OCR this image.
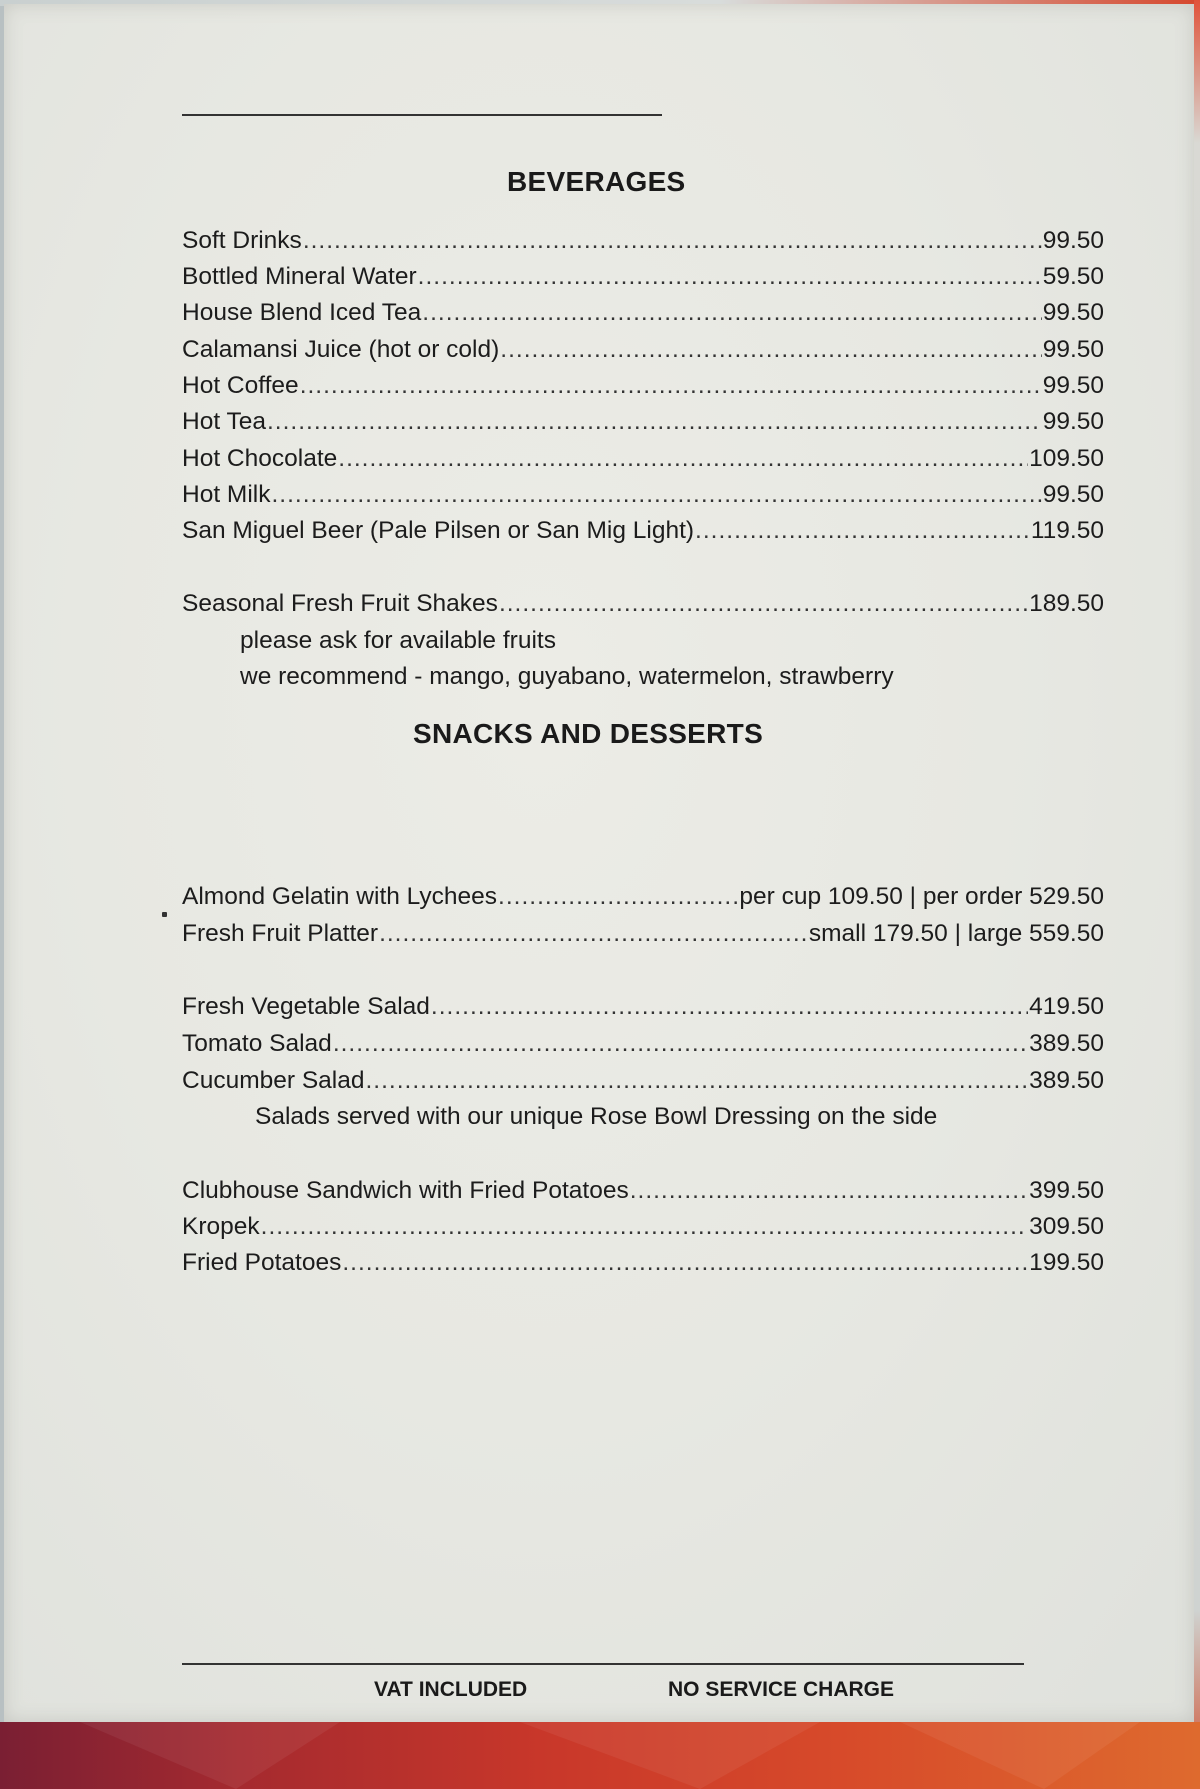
BEVERAGES
Soft Drinks .....	99.50
Bottled Mineral Water .....	59.50
House Blend Iced Tea .....	99.50
Calamansi Juice (hot or cold) .....	99.50
Hot Coffee .....	99.50
Hot Tea .....	99.50
Hot Chocolate .....	109.50
Hot Milk .....	99.50
San Miguel Beer (Pale Pilsen or San Mig Light) .....	119.50
Seasonal Fresh Fruit Shakes .....	189.50
please ask for available fruits
we recommend - mango, guyabano, watermelon, strawberry
SNACKS AND DESSERTS
Almond Gelatin with Lychees .....	per cup 109.50 | per order 529.50
Fresh Fruit Platter .....	small 179.50 | large 559.50
Fresh Vegetable Salad .....	419.50
Tomato Salad .....	389.50
Cucumber Salad .....	389.50
Salads served with our unique Rose Bowl Dressing on the side
Clubhouse Sandwich with Fried Potatoes .....	399.50
Kropek .....	309.50
Fried Potatoes .....	199.50
VAT INCLUDED	NO SERVICE CHARGE
